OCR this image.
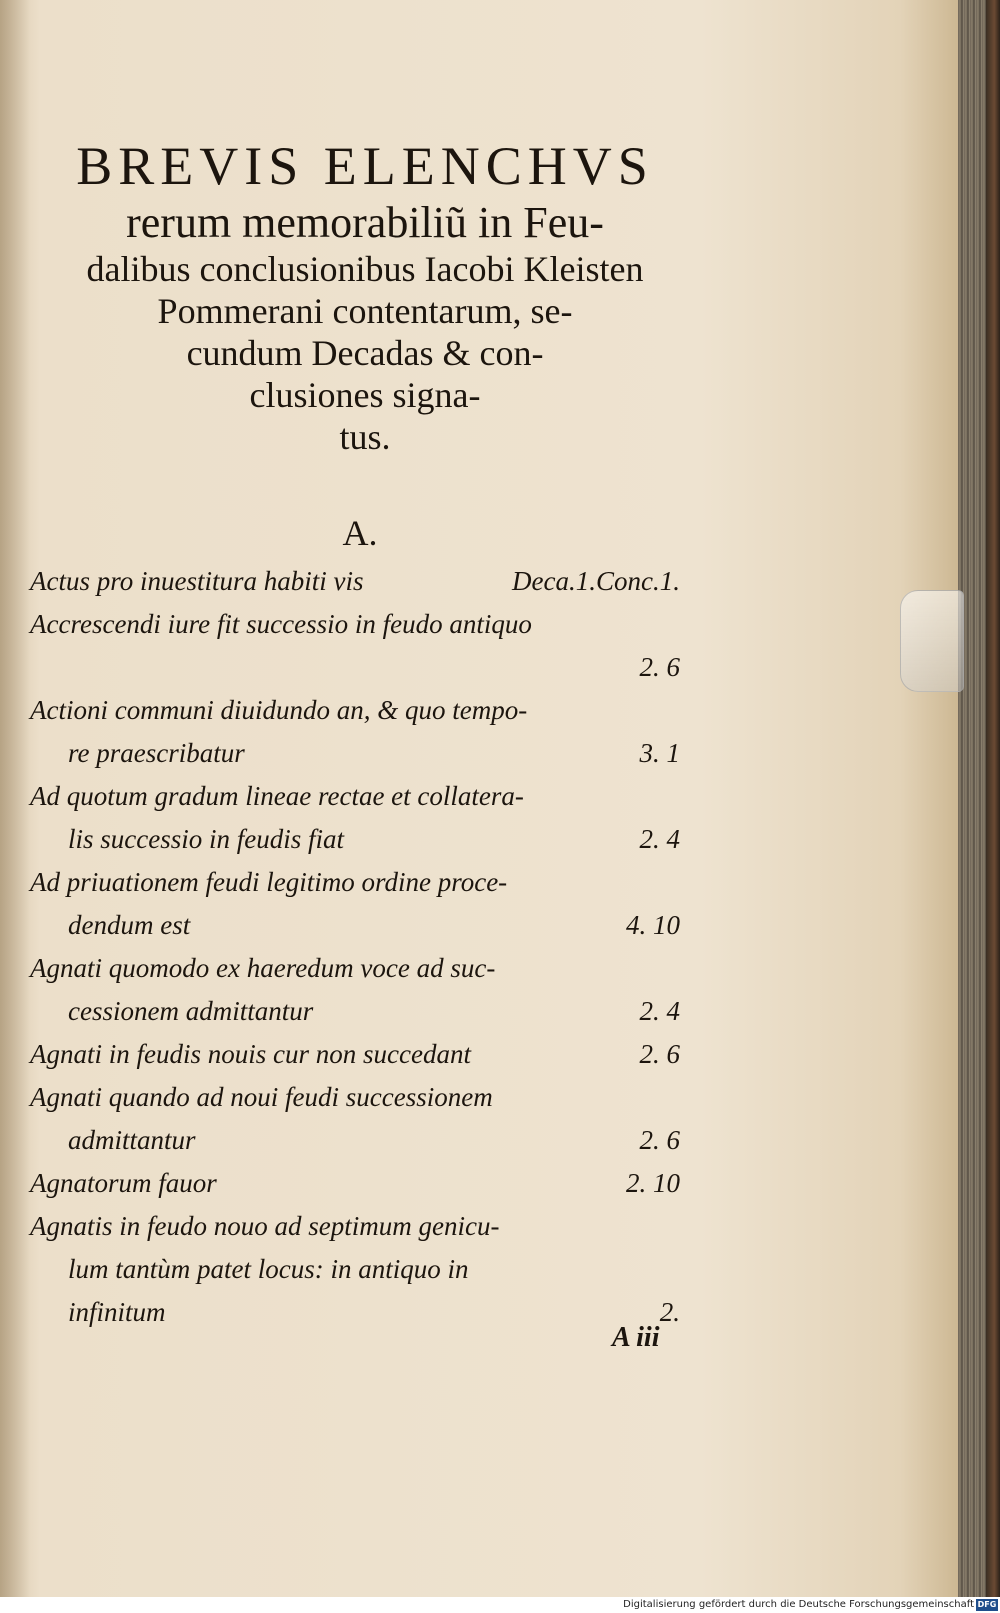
BREVIS ELENCHVS
rerum memorabiliũ in Feu-
dalibus conclusionibus Iacobi Kleisten
Pommerani contentarum, se-
cundum Decadas & con-
clusiones signa-
tus.
A.
Actus pro inuestitura habiti vis	Deca.1.Conc.1.
Accrescendi iure fit successio in feudo antiquo
2. 6
Actioni communi diuidundo an, & quo tempo-
re praescribatur	3. 1
Ad quotum gradum lineae rectae et collatera-
lis successio in feudis fiat	2. 4
Ad priuationem feudi legitimo ordine proce-
dendum est	4. 10
Agnati quomodo ex haeredum voce ad suc-
cessionem admittantur	2. 4
Agnati in feudis nouis cur non succedant	2. 6
Agnati quando ad noui feudi successionem
admittantur	2. 6
Agnatorum fauor	2. 10
Agnatis in feudo nouo ad septimum genicu-
lum tantùm patet locus: in antiquo in
infinitum	2.
A iii
Digitalisierung gefördert durch die Deutsche Forschungsgemeinschaft DFG
